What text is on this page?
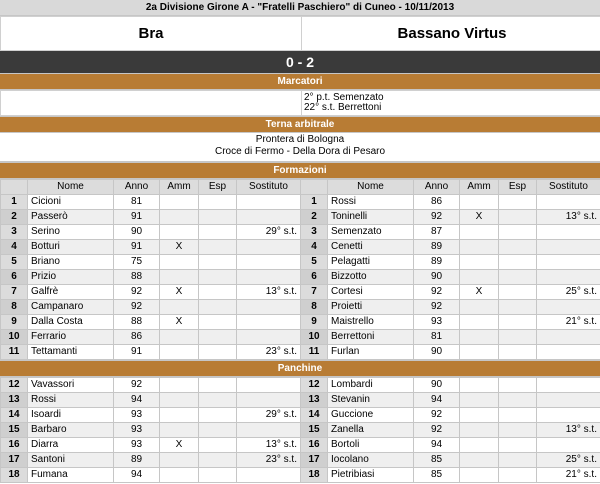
2a Divisione Girone A - "Fratelli Paschiero" di Cuneo - 10/11/2013
Bra	Bassano Virtus
0 - 2
Marcatori

2° p.t. Semenzato
22° s.t. Berrettoni
Terna arbitrale
Prontera di Bologna
Croce di Fermo - Della Dora di Pesaro
Formazioni
	Nome	Anno	Amm	Esp	Sostituto		Nome	Anno	Amm	Esp	Sostituto
1	Cicioni	81				1	Rossi	86			
2	Passerò	91				2	Toninelli	92	X		13° s.t.
3	Serino	90			29° s.t.	3	Semenzato	87			
4	Botturi	91	X			4	Cenetti	89			
5	Briano	75				5	Pelagatti	89			
6	Prizio	88				6	Bizzotto	90			
7	Galfrè	92	X		13° s.t.	7	Cortesi	92	X		25° s.t.
8	Campanaro	92				8	Proietti	92			
9	Dalla Costa	88	X			9	Maistrello	93			21° s.t.
10	Ferrario	86				10	Berrettoni	81			
11	Tettamanti	91			23° s.t.	11	Furlan	90			
Panchine
12	Vavassori	92				12	Lombardi	90			
13	Rossi	94				13	Stevanin	94			
14	Isoardi	93			29° s.t.	14	Guccione	92			
15	Barbaro	93				15	Zanella	92			13° s.t.
16	Diarra	93	X		13° s.t.	16	Bortoli	94			
17	Santoni	89			23° s.t.	17	Iocolano	85			25° s.t.
18	Fumana	94				18	Pietribiasi	85			21° s.t.
